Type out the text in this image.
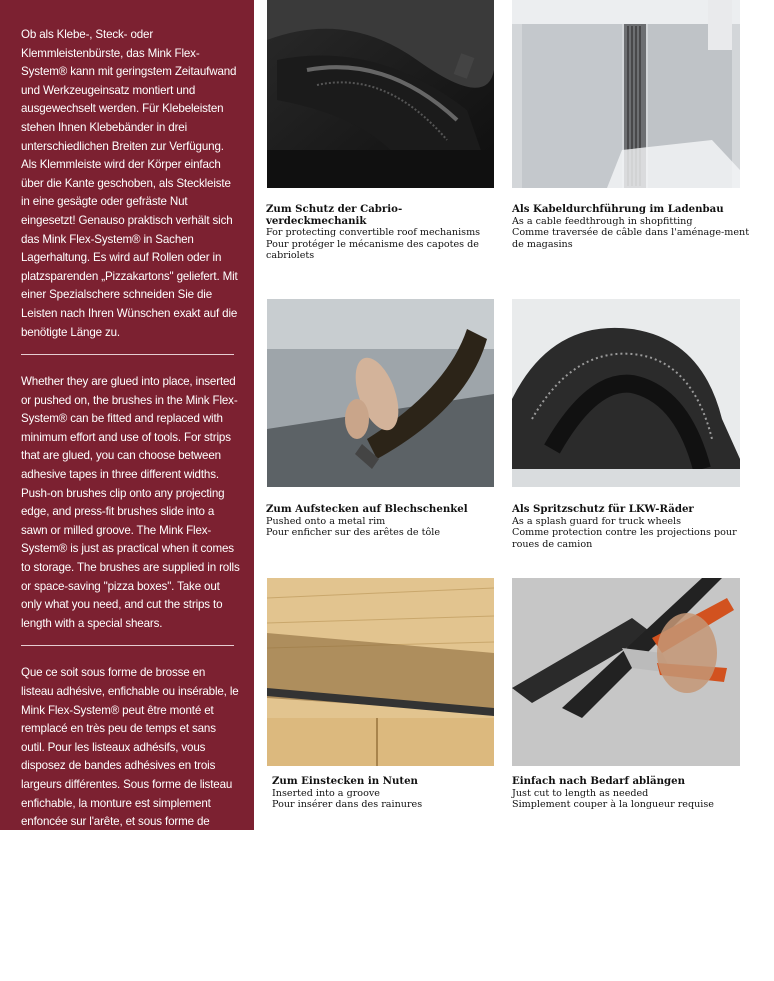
Ob als Klebe-, Steck- oder Klemmleistenbürste, das Mink Flex-System® kann mit geringstem Zeitaufwand und Werkzeugeinsatz montiert und ausgewechselt werden. Für Klebeleisten stehen Ihnen Klebebänder in drei unterschiedlichen Breiten zur Verfügung. Als Klemmleiste wird der Körper einfach über die Kante geschoben, als Steckleiste in eine gesägte oder gefräste Nut eingesetzt! Genauso praktisch verhält sich das Mink Flex-System® in Sachen Lagerhaltung. Es wird auf Rollen oder in platzsparenden „Pizzakartons" geliefert. Mit einer Spezialschere schneiden Sie die Leisten nach Ihren Wünschen exakt auf die benötigte Länge zu.

Whether they are glued into place, inserted or pushed on, the brushes in the Mink Flex-System® can be fitted and replaced with minimum effort and use of tools. For strips that are glued, you can choose between adhesive tapes in three different widths. Push-on brushes clip onto any projecting edge, and press-fit brushes slide into a sawn or milled groove. The Mink Flex-System® is just as practical when it comes to storage. The brushes are supplied in rolls or space-saving "pizza boxes". Take out only what you need, and cut the strips to length with a special shears.

Que ce soit sous forme de brosse en listeau adhésive, enfichable ou insérable, le Mink Flex-System® peut être monté et remplacé en très peu de temps et sans outil. Pour les listeaux adhésifs, vous disposez de bandes adhésives en trois largeurs différentes. Sous forme de listeau enfichable, la monture est simplement enfoncée sur l'arête, et sous forme de listeau insérable, elle est engagée dans une rainure sciée ou fraisée! Le Mink Flex-System® se révèle tout aussi pratique en ce qui concerne le stockage. Il est livré en bobines ou dans des «cartons à pizza» peu encombrants. Avec des ciseaux spéciaux, vous coupez les listeaux exactement à la longueur que

Zum Schutz der Cabrio-verdeckmechanik
For protecting convertible roof mechanisms
Pour protéger le mécanisme des capotes de cabriolets
Als Kabeldurchführung im Ladenbau
As a cable feedthrough in shopfitting
Comme traversée de câble dans l'aménage-ment de magasins
Zum Aufstecken auf Blechschenkel
Pushed onto a metal rim
Pour enficher sur des arêtes de tôle
Als Spritzschutz für LKW-Räder
As a splash guard for truck wheels
Comme protection contre les projections pour roues de camion
Zum Einstecken in Nuten
Inserted into a groove
Pour insérer dans des rainures
Einfach nach Bedarf ablängen
Just cut to length as needed
Simplement couper à la longueur requise
